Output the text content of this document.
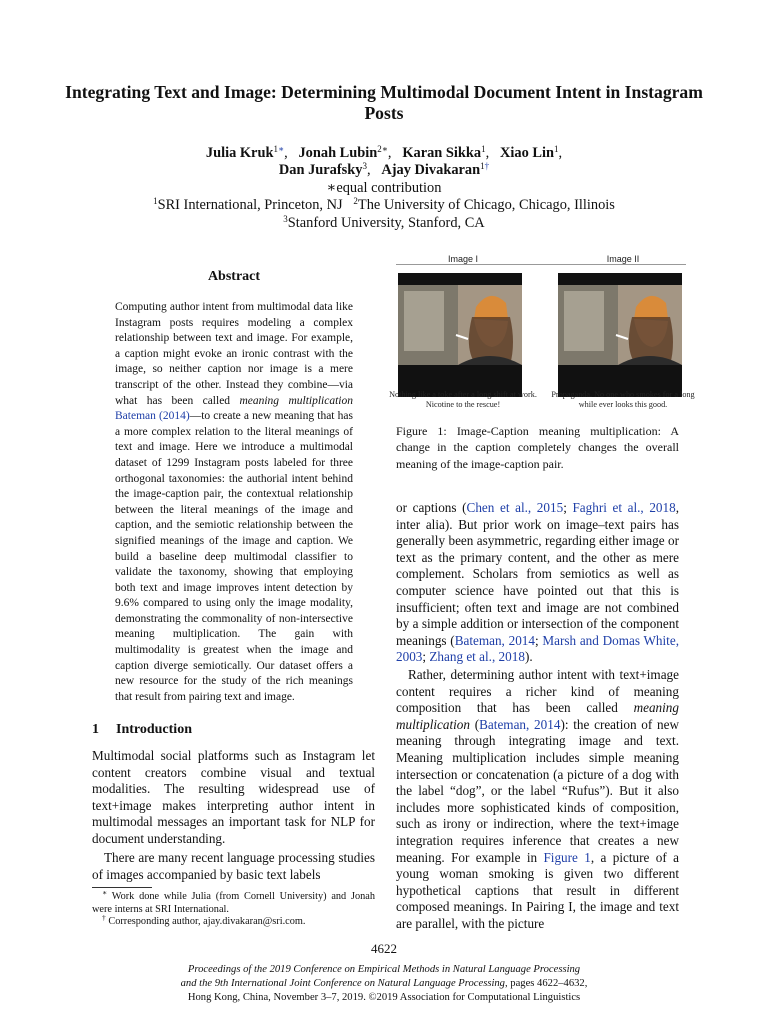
Integrating Text and Image: Determining Multimodal Document Intent in Instagram Posts
Julia Kruk$^{1∗}$,   Jonah Lubin$^{2∗}$,   Karan Sikka$^1$,   Xiao Lin$^1$,
Dan Jurafsky$^3$,   Ajay Divakaran$^{1\dagger}$
∗equal contribution
$^1$SRI International, Princeton, NJ $^2$The University of Chicago, Chicago, Illinois
$^3$Stanford University, Stanford, CA
Abstract

Computing author intent from multimodal data like Instagram posts requires modeling a complex relationship between text and image. For example, a caption might evoke an ironic contrast with the image, so neither caption nor image is a mere transcript of the other. Instead they combine—via what has been called meaning multiplication Bateman (2014)—to create a new meaning that has a more complex relation to the literal meanings of text and image. Here we introduce a multimodal dataset of 1299 Instagram posts labeled for three orthogonal taxonomies: the authorial intent behind the image-caption pair, the contextual relationship between the literal meanings of the image and caption, and the semiotic relationship between the signified meanings of the image and caption. We build a baseline deep multimodal classifier to validate the taxonomy, showing that employing both text and image improves intent detection by 9.6% compared to using only the image modality, demonstrating the commonality of non-intersective meaning multiplication. The gain with multimodality is greatest when the image and caption diverge semiotically. Our dataset offers a new resource for the study of the rich meanings that result from pairing text and image.

1 Introduction

Multimodal social platforms such as Instagram let content creators combine visual and textual modalities. The resulting widespread use of text+image makes interpreting author intent in multimodal messages an important task for NLP for document understanding.

There are many recent language processing studies of images accompanied by basic text labels

∗ Work done while Julia (from Cornell University) and Jonah were interns at SRI International.

† Corresponding author, ajay.divakaran@sri.com.

Image I
Nothing like a toke after a long shift at work. Nicotine to the rescue!
Image II
Propaganda. No one who smokes for a long while ever looks this good.

Figure 1: Image-Caption meaning multiplication: A change in the caption completely changes the overall meaning of the image-caption pair.

or captions (Chen et al., 2015; Faghri et al., 2018, inter alia). But prior work on image–text pairs has generally been asymmetric, regarding either image or text as the primary content, and the other as mere complement. Scholars from semiotics as well as computer science have pointed out that this is insufficient; often text and image are not combined by a simple addition or intersection of the component meanings (Bateman, 2014; Marsh and Domas White, 2003; Zhang et al., 2018).

Rather, determining author intent with text+image content requires a richer kind of meaning composition that has been called meaning multiplication (Bateman, 2014): the creation of new meaning through integrating image and text. Meaning multiplication includes simple meaning intersection or concatenation (a picture of a dog with the label “dog”, or the label “Rufus”). But it also includes more sophisticated kinds of composition, such as irony or indirection, where the text+image integration requires inference that creates a new meaning. For example in Figure 1, a picture of a young woman smoking is given two different hypothetical captions that result in different composed meanings. In Pairing I, the image and text are parallel, with the picture

4622
Proceedings of the 2019 Conference on Empirical Methods in Natural Language Processing
and the 9th International Joint Conference on Natural Language Processing, pages 4622–4632,
Hong Kong, China, November 3–7, 2019. ©2019 Association for Computational Linguistics
